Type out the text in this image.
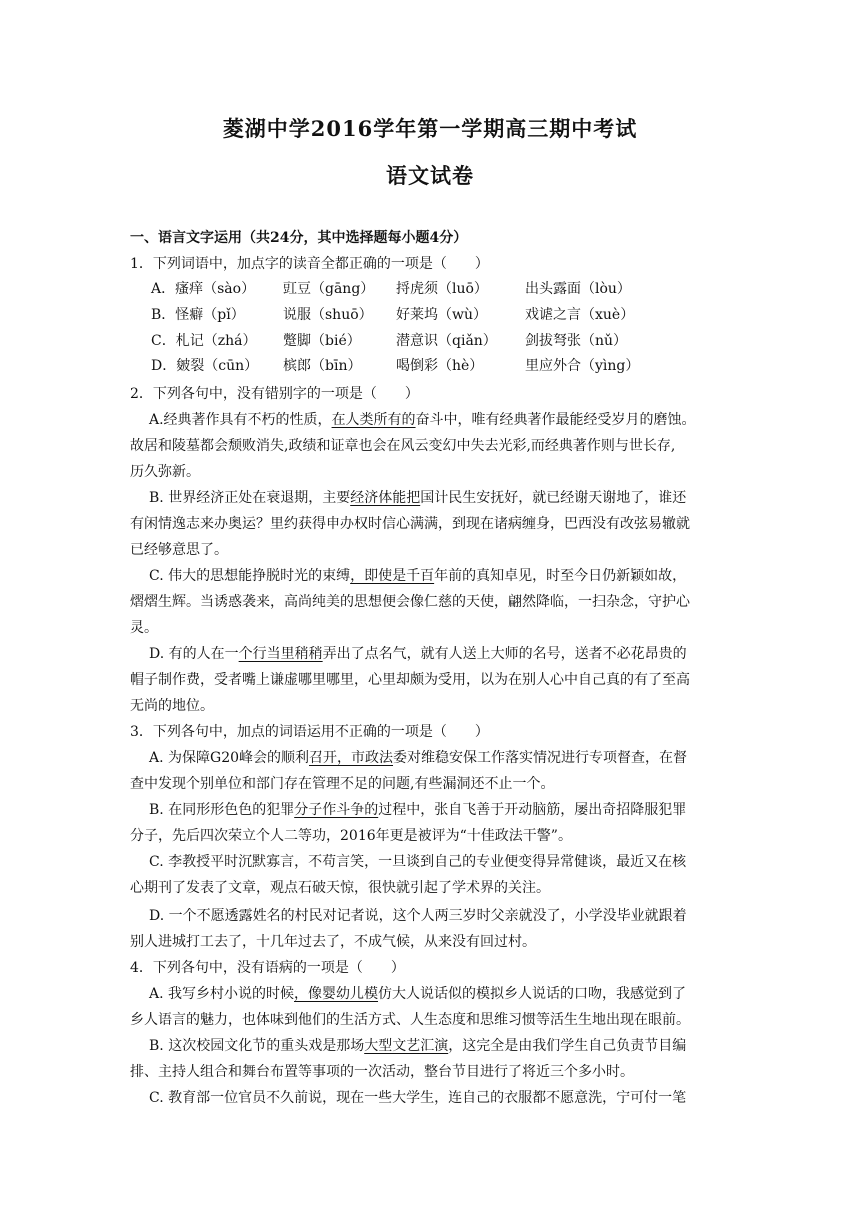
菱湖中学2016学年第一学期高三期中考试
语文试卷
一、语言文字运用（共24分，其中选择题每小题4分）
1．下列词语中，加点字的读音全都正确的一项是（　　）
A．瘙痒（sào） 豇豆（gāng） 捋虎须（luō）	出头露面（lòu）
B．怪癖（pǐ）	说服（shuō） 好莱坞（wù）	戏谑之言（xuè）
C．札记（zhá） 蹩脚（bié）	潜意识（qiǎn） 剑拔弩张（nǔ）
D．皴裂（cūn） 槟郎（bīn） 喝倒彩（hè）	里应外合（yìng）
2．下列各句中，没有错别字的一项是（　　）
A.经典著作具有不朽的性质，在人类所有的奋斗中，唯有经典著作最能经受岁月的磨蚀。
故居和陵墓都会颓败消失,政绩和证章也会在风云变幻中失去光彩,而经典著作则与世长存,
历久弥新。
B. 世界经济正处在衰退期，主要经济体能把国计民生安抚好，就已经谢天谢地了，谁还
有闲情逸志来办奥运？里约获得申办权时信心满满，到现在诸病缠身，巴西没有改弦易辙就
已经够意思了。
C. 伟大的思想能挣脱时光的束缚，即使是千百年前的真知卓见，时至今日仍新颖如故，
熠熠生辉。当诱惑袭来，高尚纯美的思想便会像仁慈的天使，翩然降临，一扫杂念，守护心
灵。
D. 有的人在一个行当里稍稍弄出了点名气，就有人送上大师的名号，送者不必花昂贵的
帽子制作费，受者嘴上谦虚哪里哪里，心里却颇为受用，以为在别人心中自己真的有了至高
无尚的地位。
3．下列各句中，加点的词语运用不正确的一项是（　　）
A. 为保障G20峰会的顺利召开，市政法委对维稳安保工作落实情况进行专项督查，在督
查中发现个别单位和部门存在管理不足的问题,有些漏洞还不止一个。
B. 在同形形色色的犯罪分子作斗争的过程中，张自飞善于开动脑筋，屡出奇招降服犯罪
分子，先后四次荣立个人二等功，2016年更是被评为“十佳政法干警”。
C. 李教授平时沉默寡言，不苟言笑，一旦谈到自己的专业便变得异常健谈，最近又在核
心期刊了发表了文章，观点石破天惊，很快就引起了学术界的关注。
D. 一个不愿透露姓名的村民对记者说，这个人两三岁时父亲就没了，小学没毕业就跟着
别人进城打工去了，十几年过去了，不成气候，从来没有回过村。
4．下列各句中，没有语病的一项是（　　）
A. 我写乡村小说的时候，像婴幼儿模仿大人说话似的模拟乡人说话的口吻，我感觉到了
乡人语言的魅力，也体味到他们的生活方式、人生态度和思维习惯等活生生地出现在眼前。
B. 这次校园文化节的重头戏是那场大型文艺汇演，这完全是由我们学生自己负责节目编
排、主持人组合和舞台布置等事项的一次活动，整台节目进行了将近三个多小时。
C. 教育部一位官员不久前说，现在一些大学生，连自己的衣服都不愿意洗，宁可付一笔
